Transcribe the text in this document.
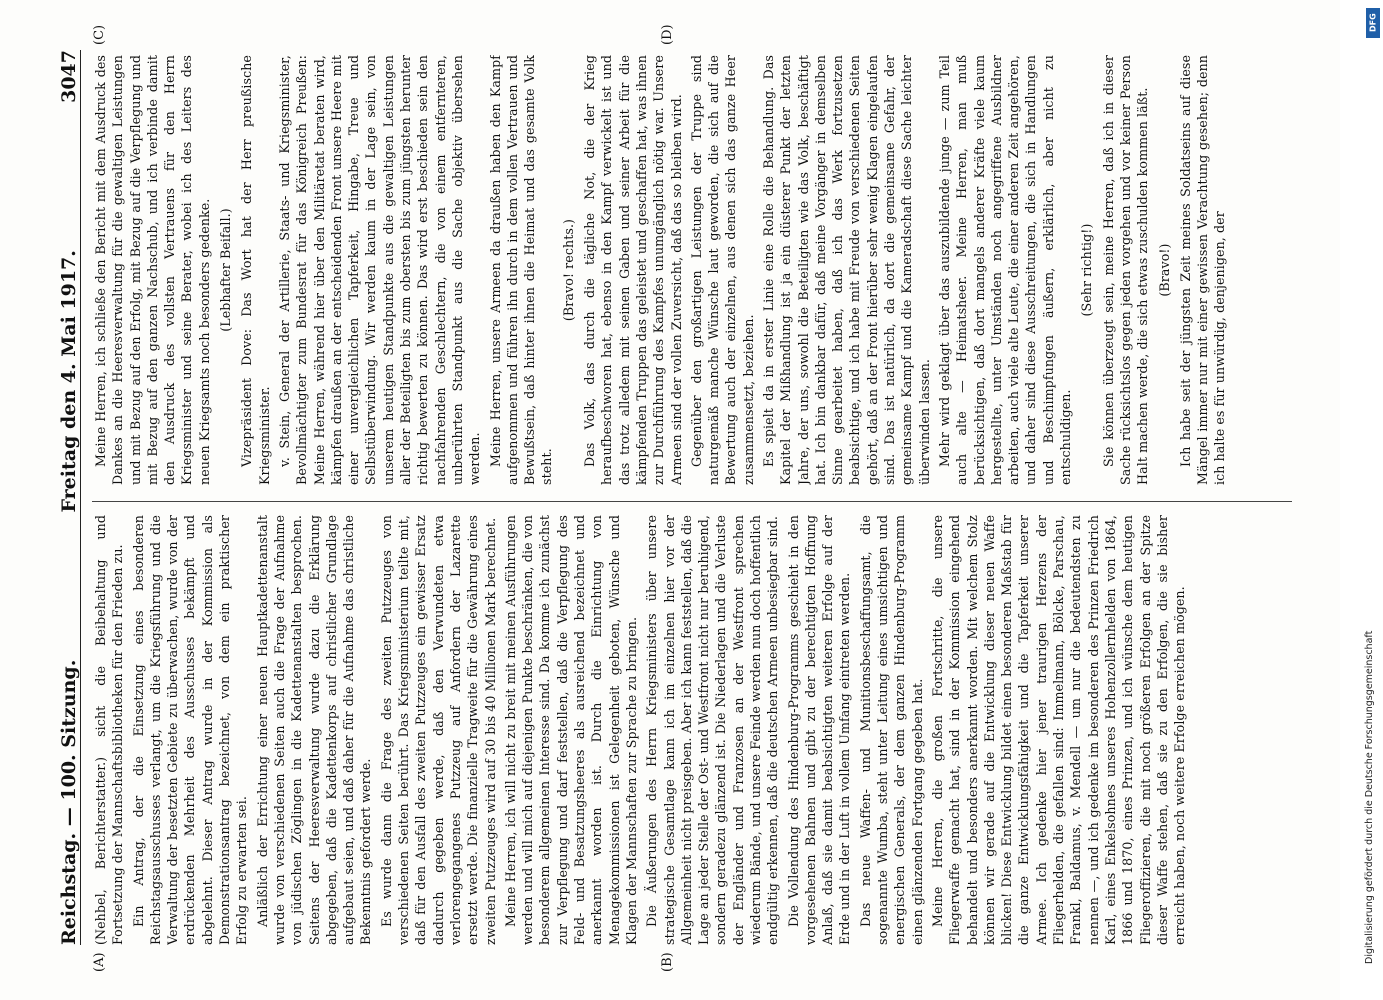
Reichstag. — 100. Sitzung.
Freitag den 4. Mai 1917.
3047
(A)	(B)
(C)	(D)

(Nehbel, Berichterstatter.) sicht die Beibehaltung und Fortsetzung der Mannschaftsbibliotheken für den Frieden zu. Ein Antrag, der die Einsetzung eines besonderen Reichstagsausschusses verlangt, um die Kriegsführung und die Verwaltung der besetzten Gebiete zu überwachen, wurde von der erdrückenden Mehrheit des Ausschusses bekämpft und abgelehnt. Dieser Antrag wurde in der Kommission als Demonstrationsantrag bezeichnet, von dem ein praktischer Erfolg zu erwarten sei. Anläßlich der Errichtung einer neuen Hauptkadettenanstalt wurde von verschiedenen Seiten auch die Frage der Aufnahme von jüdischen Zöglingen in die Kadettenanstalten besprochen. Seitens der Heeresverwaltung wurde dazu die Erklärung abgegeben, daß die Kadettenkorps auf christlicher Grundlage aufgebaut seien, und daß daher für die Aufnahme das christliche Bekenntnis gefordert werde. Es wurde dann die Frage des zweiten Putzzeuges von verschiedenen Seiten berührt. Das Kriegsministerium teilte mit, daß für den Ausfall des zweiten Putzzeuges ein gewisser Ersatz dadurch gegeben werde, daß den Verwundeten etwa verlorengegangenes Putzzeug auf Anfordern der Lazarette ersetzt werde. Die finanzielle Tragweite für die Gewährung eines zweiten Putzzeuges wird auf 30 bis 40 Millionen Mark berechnet. Meine Herren, ich will nicht zu breit mit meinen Ausführungen werden und will mich auf diejenigen Punkte beschränken, die von besonderem allgemeinen Interesse sind. Da komme ich zunächst zur Verpflegung und darf feststellen, daß die Verpflegung des Feld- und Besatzungsheeres als ausreichend bezeichnet und anerkannt worden ist. Durch die Einrichtung von Menagekommissionen ist Gelegenheit geboten, Wünsche und Klagen der Mannschaften zur Sprache zu bringen. Die Äußerungen des Herrn Kriegsministers über unsere strategische Gesamtlage kann ich im einzelnen hier vor der Allgemeinheit nicht preisgeben. Aber ich kann feststellen, daß die Lage an jeder Stelle der Ost- und Westfront nicht nur beruhigend, sondern geradezu glänzend ist. Die Niederlagen und die Verluste der Engländer und Franzosen an der Westfront sprechen wiederum Bände, und unsere Feinde werden nun doch hoffentlich endgültig erkennen, daß die deutschen Armeen unbesiegbar sind. Die Vollendung des Hindenburg-Programms geschieht in den vorgesehenen Bahnen und gibt zu der berechtigten Hoffnung Anlaß, daß sie damit beabsichtigten weiteren Erfolge auf der Erde und in der Luft in vollem Umfang eintreten werden. Das neue Waffen- und Munitionsbeschaffungsamt, die sogenannte Wumba, steht unter Leitung eines umsichtigen und energischen Generals, der dem ganzen Hindenburg-Programm einen glänzenden Fortgang gegeben hat. Meine Herren, die großen Fortschritte, die unsere Fliegerwaffe gemacht hat, sind in der Kommission eingehend behandelt und besonders anerkannt worden. Mit welchem Stolz können wir gerade auf die Entwicklung dieser neuen Waffe blicken! Diese Entwicklung bildet einen besonderen Maßstab für die ganze Entwicklungsfähigkeit und die Tapferkeit unserer Armee. Ich gedenke hier jener traurigen Herzens der Fliegerhelden, die gefallen sind: Immelmann, Bölcke, Parschau, Frankl, Baldamus, v. Mendell — um nur die bedeutendsten zu nennen —, und ich gedenke im besonderen des Prinzen Friedrich Karl, eines Enkelsohnes unseres Hohenzollernhelden von 1864, 1866 und 1870, eines Prinzen, und ich wünsche dem heutigen Fliegeroffizieren, die mit noch größeren Erfolgen an der Spitze dieser Waffe stehen, daß sie zu den Erfolgen, die sie bisher erreicht haben, noch weitere Erfolge erreichen mögen.

Meine Herren, ich schließe den Bericht mit dem Ausdruck des Dankes an die Heeresverwaltung für die gewaltigen Leistungen und mit Bezug auf den Erfolg, mit Bezug auf die Verpflegung und mit Bezug auf den ganzen Nachschub, und ich verbinde damit den Ausdruck des vollsten Vertrauens für den Herrn Kriegsminister und seine Berater, wobei ich des Leiters des neuen Kriegsamts noch besonders gedenke. (Lebhafter Beifall.) Vizepräsident Dove: Das Wort hat der Herr preußische Kriegsminister. v. Stein, General der Artillerie, Staats- und Kriegsminister, Bevollmächtigter zum Bundesrat für das Königreich Preußen: Meine Herren, während hier über den Militäretat beraten wird, kämpfen draußen an der entscheidenden Front unsere Heere mit einer unvergleichlichen Tapferkeit, Hingabe, Treue und Selbstüberwindung. Wir werden kaum in der Lage sein, von unserem heutigen Standpunkte aus die gewaltigen Leistungen aller der Beteiligten bis zum obersten bis zum jüngsten herunter richtig bewerten zu können. Das wird erst beschieden sein den nachfahrenden Geschlechtern, die von einem entfernteren, unberührten Standpunkt aus die Sache objektiv übersehen werden. Meine Herren, unsere Armeen da draußen haben den Kampf aufgenommen und führen ihn durch in dem vollen Vertrauen und Bewußtsein, daß hinter ihnen die Heimat und das gesamte Volk steht.

(Bravo! rechts.) Das Volk, das durch die tägliche Not, die der Krieg heraufbeschworen hat, ebenso in den Kampf verwickelt ist und das trotz alledem mit seinen Gaben und seiner Arbeit für die kämpfenden Truppen das geleistet und geschaffen hat, was ihnen zur Durchführung des Kampfes unumgänglich nötig war. Unsere Armeen sind der vollen Zuversicht, daß das so bleiben wird. Gegenüber den großartigen Leistungen der Truppe sind naturgemäß manche Wünsche laut geworden, die sich auf die Bewertung auch der einzelnen, aus denen sich das ganze Heer zusammensetzt, beziehen. Es spielt da in erster Linie eine Rolle die Behandlung. Das Kapitel der Mißhandlung ist ja ein düsterer Punkt der letzten Jahre, der uns, sowohl die Beteiligten wie das Volk, beschäftigt hat. Ich bin dankbar dafür, daß meine Vorgänger in demselben Sinne gearbeitet haben, daß ich das Werk fortzusetzen beabsichtige, und ich habe mit Freude von verschiedenen Seiten gehört, daß an der Front hierüber sehr wenig Klagen eingelaufen sind. Das ist natürlich, da dort die gemeinsame Gefahr, der gemeinsame Kampf und die Kameradschaft diese Sache leichter überwinden lassen. Mehr wird geklagt über das auszubildende junge — zum Teil auch alte — Heimatsheer. Meine Herren, man muß berücksichtigen, daß dort mangels anderer Kräfte viele kaum hergestellte, unter Umständen noch angegriffene Ausbildner arbeiten, auch viele alte Leute, die einer anderen Zeit angehören, und daher sind diese Ausschreitungen, die sich in Handlungen und Beschimpfungen äußern, erklärlich, aber nicht zu entschuldigen.

(Sehr richtig!) Sie können überzeugt sein, meine Herren, daß ich in dieser Sache rücksichtslos gegen jeden vorgehen und vor keiner Person Halt machen werde, die sich etwas zuschulden kommen läßt. (Bravo!) Ich habe seit der jüngsten Zeit meines Soldatseins auf diese Mängel immer nur mit einer gewissen Verachtung gesehen; denn ich halte es für unwürdig, denjenigen, der

DFG
Digitalisierung gefördert durch die Deutsche Forschungsgemeinschaft
